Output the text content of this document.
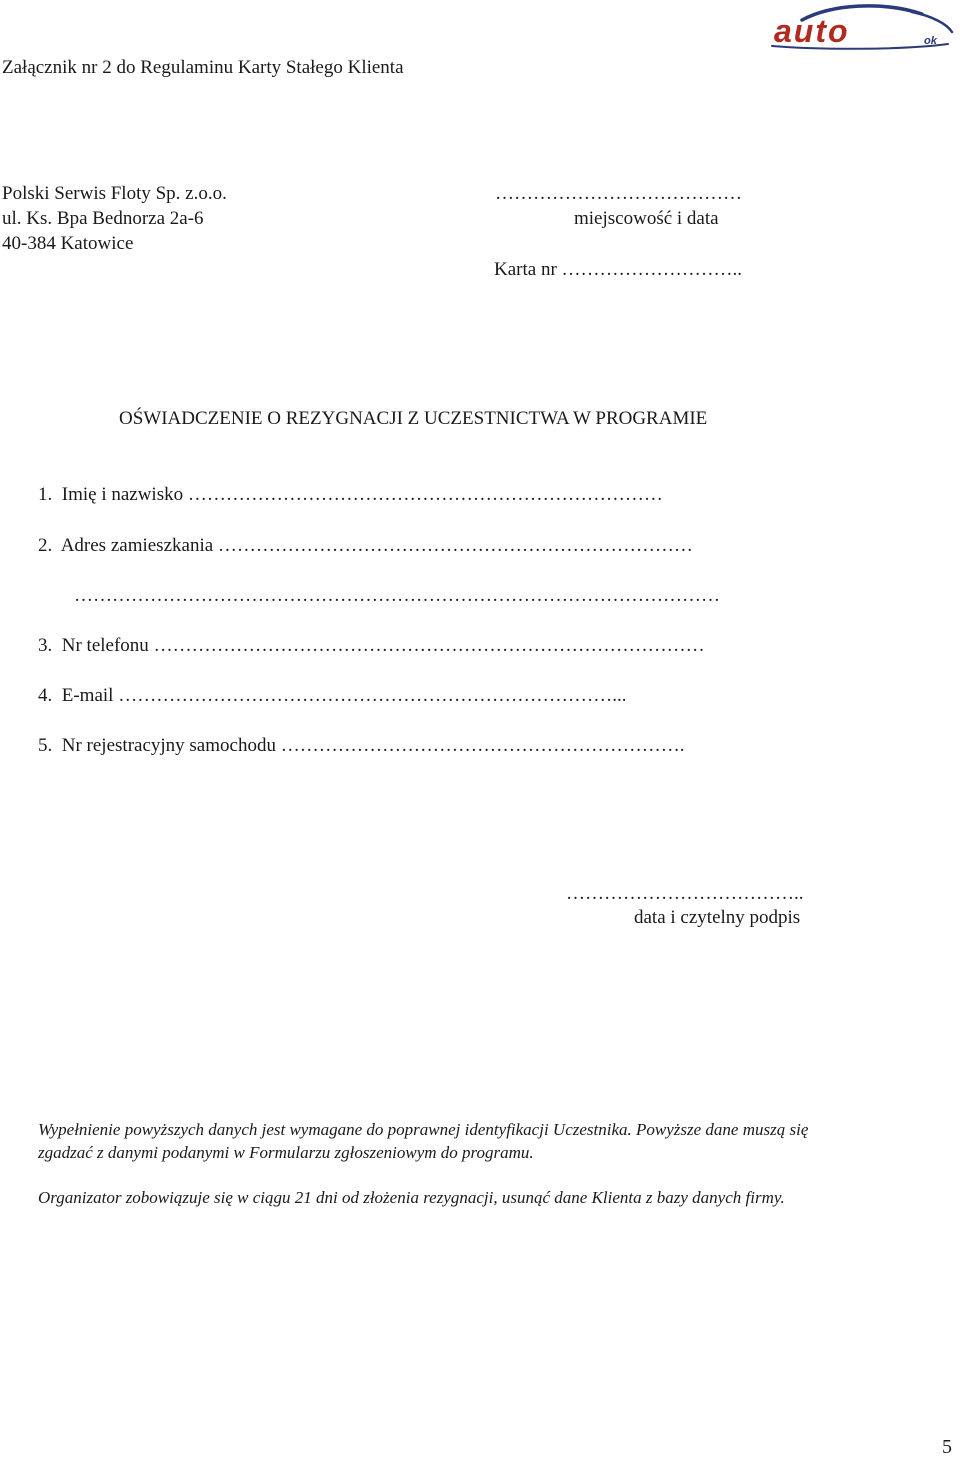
Załącznik nr 2 do Regulaminu Karty Stałego Klienta
auto	ok
Polski Serwis Floty Sp. z.o.o.
ul. Ks. Bpa Bednorza 2a-6
40-384 Katowice
…………………………………
miejscowość i data
Karta nr ………………………..
OŚWIADCZENIE O REZYGNACJI Z UCZESTNICTWA W PROGRAMIE
1. Imię i nazwisko …………………………………………………………………
2. Adres zamieszkania …………………………………………………………………
…………………………………………………………………………………………
3. Nr telefonu ……………………………………………………………………………
4. E-mail ……………………………………………………………………...
5. Nr rejestracyjny samochodu ……………………………………………………….
………………………………..
data i czytelny podpis
Wypełnienie powyższych danych jest wymagane do poprawnej identyfikacji Uczestnika. Powyższe dane muszą się
zgadzać z danymi podanymi w Formularzu zgłoszeniowym do programu.
Organizator zobowiązuje się w ciągu 21 dni od złożenia rezygnacji, usunąć dane Klienta z bazy danych firmy.
5
